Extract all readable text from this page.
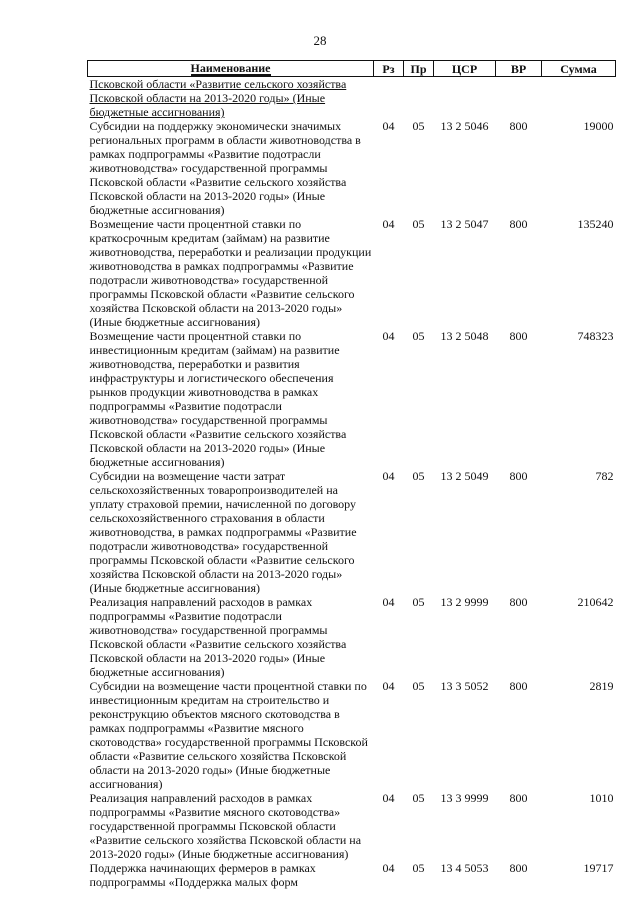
28
Наименование	Рз	Пр	ЦСР	ВР	Сумма
Псковской области «Развитие сельского хозяйства Псковской области на 2013-2020 годы» (Иные бюджетные ассигнования)					
Субсидии на поддержку экономически значимых региональных программ в области животноводства в рамках подпрограммы «Развитие подотрасли животноводства» государственной программы Псковской области «Развитие сельского хозяйства Псковской области на 2013-2020 годы» (Иные бюджетные ассигнования)	04	05	13 2 5046	800	19000
Возмещение части процентной ставки по краткосрочным кредитам (займам) на развитие животноводства, переработки и реализации продукции животноводства в рамках подпрограммы «Развитие подотрасли животноводства» государственной программы Псковской области «Развитие сельского хозяйства Псковской области на 2013-2020 годы» (Иные бюджетные ассигнования)	04	05	13 2 5047	800	135240
Возмещение части процентной ставки по инвестиционным кредитам (займам) на развитие животноводства, переработки и развития инфраструктуры и логистического обеспечения рынков продукции животноводства в рамках подпрограммы «Развитие подотрасли животноводства» государственной программы Псковской области «Развитие сельского хозяйства Псковской области на 2013-2020 годы» (Иные бюджетные ассигнования)	04	05	13 2 5048	800	748323
Субсидии на возмещение части затрат сельскохозяйственных товаропроизводителей на уплату страховой премии, начисленной по договору сельскохозяйственного страхования в области животноводства, в рамках подпрограммы «Развитие подотрасли животноводства» государственной программы Псковской области «Развитие сельского хозяйства Псковской области на 2013-2020 годы» (Иные бюджетные ассигнования)	04	05	13 2 5049	800	782
Реализация направлений расходов в рамках подпрограммы «Развитие подотрасли животноводства» государственной программы Псковской области «Развитие сельского хозяйства Псковской области на 2013-2020 годы» (Иные бюджетные ассигнования)	04	05	13 2 9999	800	210642
Субсидии на возмещение части процентной ставки по инвестиционным кредитам на строительство и реконструкцию объектов мясного скотоводства в рамках подпрограммы «Развитие мясного скотоводства» государственной программы Псковской области «Развитие сельского хозяйства Псковской области на 2013-2020 годы» (Иные бюджетные ассигнования)	04	05	13 3 5052	800	2819
Реализация направлений расходов в рамках подпрограммы «Развитие мясного скотоводства» государственной программы Псковской области «Развитие сельского хозяйства Псковской области на 2013-2020 годы» (Иные бюджетные ассигнования)	04	05	13 3 9999	800	1010
Поддержка начинающих фермеров в рамках подпрограммы «Поддержка малых форм	04	05	13 4 5053	800	19717
